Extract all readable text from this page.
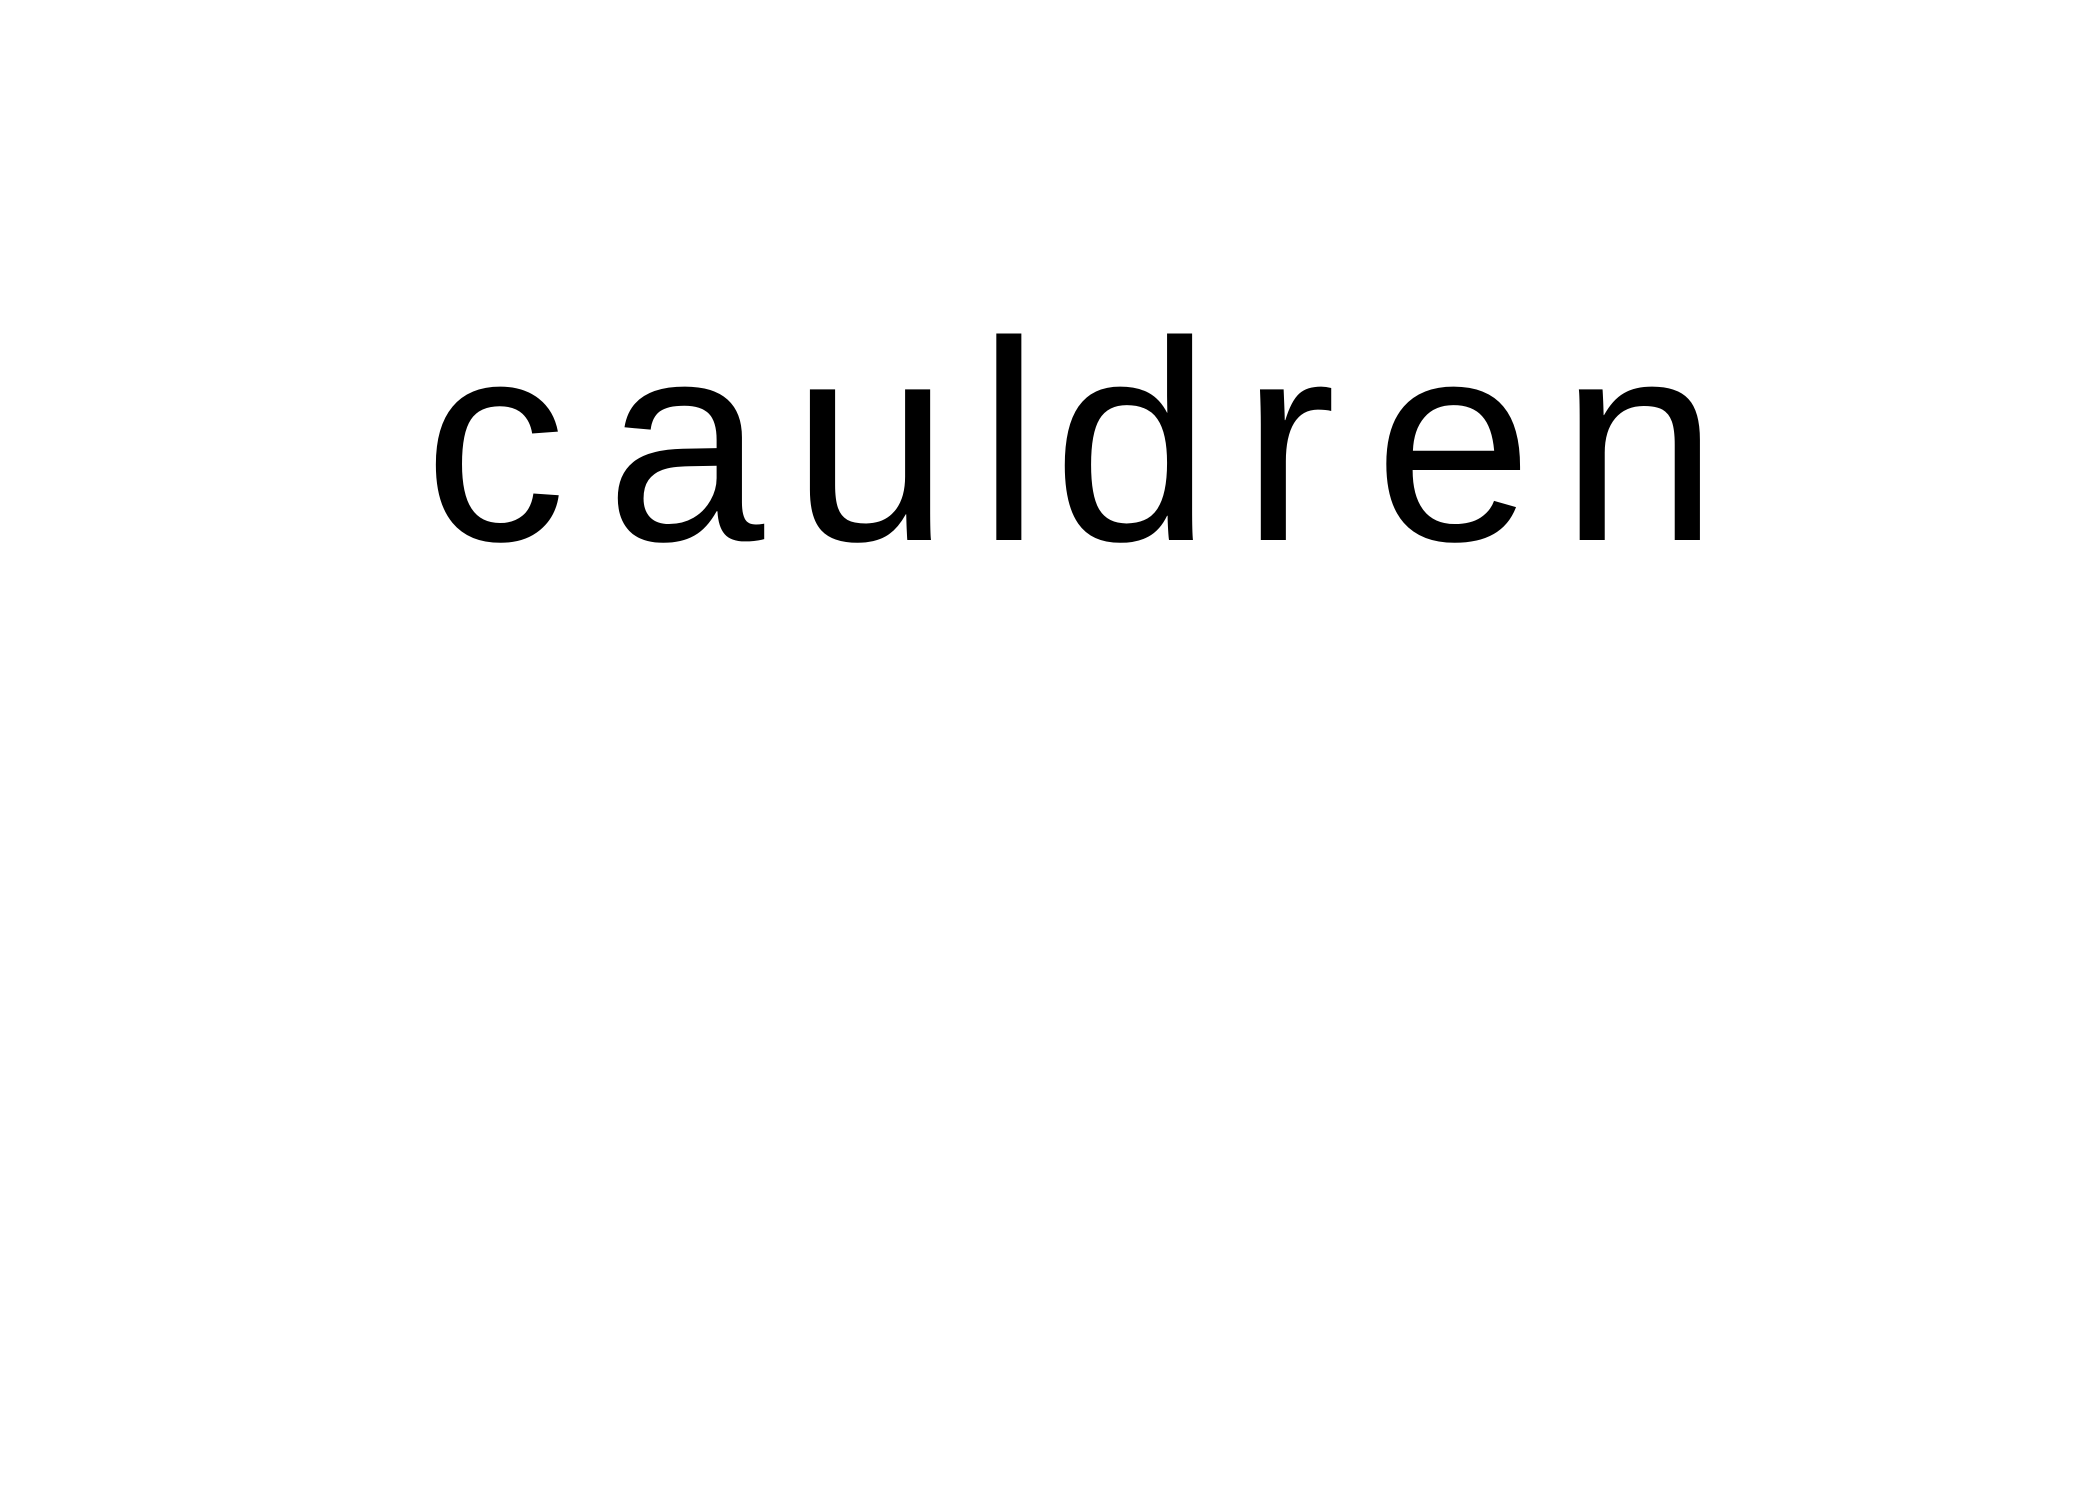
c a u l d r e n
